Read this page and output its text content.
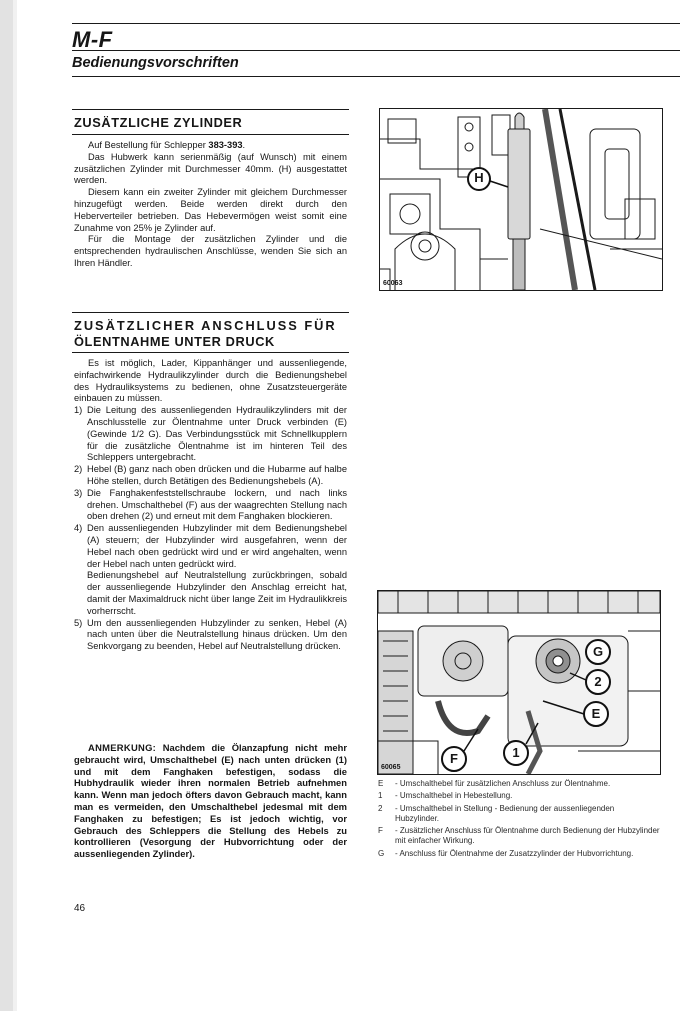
M-F
Bedienungsvorschriften
ZUSÄTZLICHE ZYLINDER

Auf Bestellung für Schlepper 383-393.

Das Hubwerk kann serienmäßig (auf Wunsch) mit einem zusätzlichen Zylinder mit Durchmesser 40mm. (H) ausgestattet werden.

Diesem kann ein zweiter Zylinder mit gleichem Durchmesser hinzugefügt werden. Beide werden direkt durch den Heberverteiler betrieben. Das Hebevermögen weist somit eine Zunahme von 25% je Zylinder auf.

Für die Montage der zusätzlichen Zylinder und die entsprechenden hydraulischen Anschlüsse, wenden Sie sich an Ihren Händler.

ZUSÄTZLICHER ANSCHLUSS FÜR
ÖLENTNAHME UNTER DRUCK

Es ist möglich, Lader, Kippanhänger und aussenliegende, einfachwirkende Hydraulikzylinder durch die Bedienungshebel des Hydrauliksystems zu bedienen, ohne Zusatzsteuergeräte einbauen zu müssen.

1) Die Leitung des aussenliegenden Hydraulikzylinders mit der Anschlusstelle zur Ölentnahme unter Druck verbinden (E) (Gewinde 1/2 G). Das Verbindungsstück mit Schnellkupplern für die zusätzliche Ölentnahme ist im hinteren Teil des Schleppers untergebracht.
2) Hebel (B) ganz nach oben drücken und die Hubarme auf halbe Höhe stellen, durch Betätigen des Bedienungshebels (A).
3) Die Fanghakenfeststellschraube lockern, und nach links drehen. Umschalthebel (F) aus der waagrechten Stellung nach oben drehen (2) und erneut mit dem Fanghaken blockieren.
4) Den aussenliegenden Hubzylinder mit dem Bedienungshebel (A) steuern; der Hubzylinder wird ausgefahren, wenn der Hebel nach oben gedrückt wird und er wird angehalten, wenn der Hebel nach unten gedrückt wird.
Bedienungshebel auf Neutralstellung zurückbringen, sobald der aussenliegende Hubzylinder den Anschlag erreicht hat, damit der Maximaldruck nicht über lange Zeit im Hydraulikkreis vorherrscht.
5) Um den aussenliegenden Hubzylinder zu senken, Hebel (A) nach unten über die Neutralstellung hinaus drücken. Um den Senkvorgang zu beenden, Hebel auf Neutralstellung drücken.
ANMERKUNG: Nachdem die Ölanzapfung nicht mehr gebraucht wird, Umschalthebel (E) nach unten drücken (1) und mit dem Fanghaken befestigen, sodass die Hubhydraulik wieder ihren normalen Betrieb aufnehmen kann. Wenn man jedoch öfters davon Gebrauch macht, kann man es vermeiden, den Umschalthebel jedesmal mit dem Fanghaken zu befestigen; Es ist jedoch wichtig, vor Gebrauch des Schleppers die Stellung des Hebels zu kontrollieren (Vesorgung der Hubvorrichtung oder der aussenliegenden Zylinder).
H
60063
G
2
E
1
F
60065
E - Umschalthebel für zusätzlichen Anschluss zur Ölentnahme.
1 - Umschalthebel in Hebestellung.
2 - Umschalthebel in Stellung - Bedienung der aussenliegenden Hubzylinder.
F - Zusätzlicher Anschluss für Ölentnahme durch Bedienung der Hubzylinder mit einfacher Wirkung.
G - Anschluss für Ölentnahme der Zusatzzylinder der Hubvorrichtung.
46
